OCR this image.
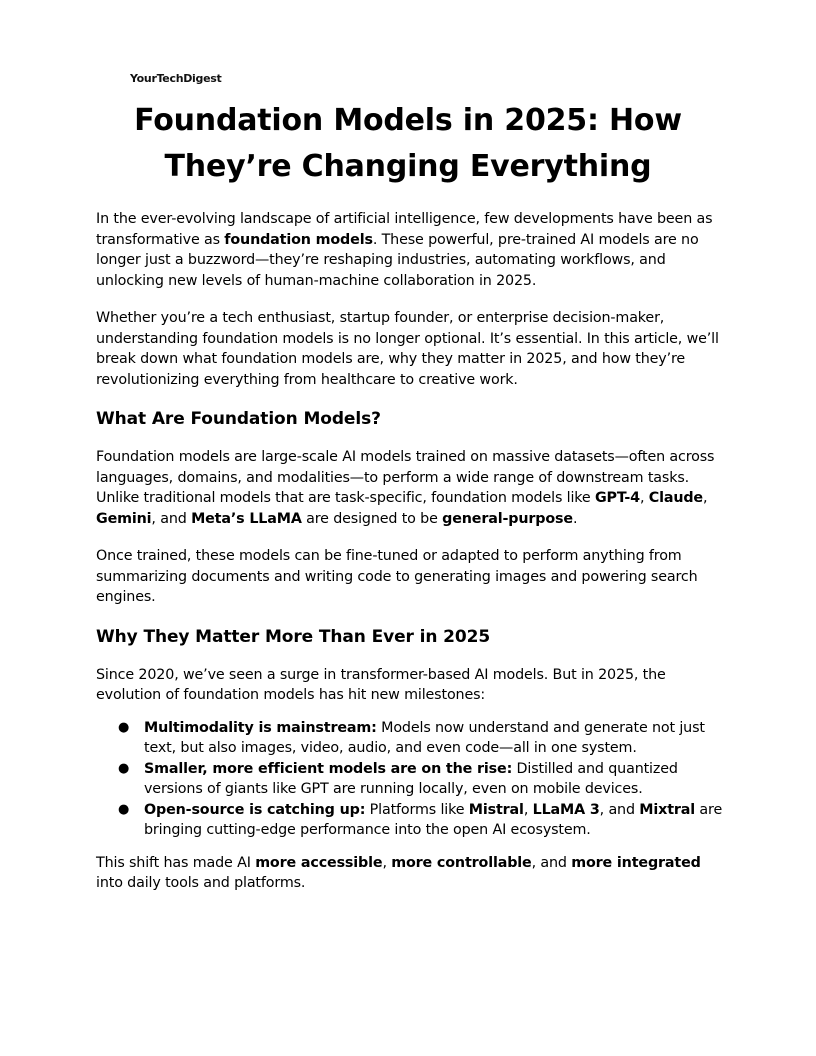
YourTechDigest
Foundation Models in 2025: How They’re Changing Everything

In the ever-evolving landscape of artificial intelligence, few developments have been as transformative as foundation models. These powerful, pre-trained AI models are no longer just a buzzword—they’re reshaping industries, automating workflows, and unlocking new levels of human-machine collaboration in 2025.

Whether you’re a tech enthusiast, startup founder, or enterprise decision-maker, understanding foundation models is no longer optional. It’s essential. In this article, we’ll break down what foundation models are, why they matter in 2025, and how they’re revolutionizing everything from healthcare to creative work.

What Are Foundation Models?

Foundation models are large-scale AI models trained on massive datasets—often across languages, domains, and modalities—to perform a wide range of downstream tasks. Unlike traditional models that are task-specific, foundation models like GPT-4, Claude, Gemini, and Meta’s LLaMA are designed to be general-purpose.

Once trained, these models can be fine-tuned or adapted to perform anything from summarizing documents and writing code to generating images and powering search engines.

Why They Matter More Than Ever in 2025

Since 2020, we’ve seen a surge in transformer-based AI models. But in 2025, the evolution of foundation models has hit new milestones:

● Multimodality is mainstream: Models now understand and generate not just text, but also images, video, audio, and even code—all in one system.
● Smaller, more efficient models are on the rise: Distilled and quantized versions of giants like GPT are running locally, even on mobile devices.
● Open-source is catching up: Platforms like Mistral, LLaMA 3, and Mixtral are bringing cutting-edge performance into the open AI ecosystem.

This shift has made AI more accessible, more controllable, and more integrated into daily tools and platforms.
